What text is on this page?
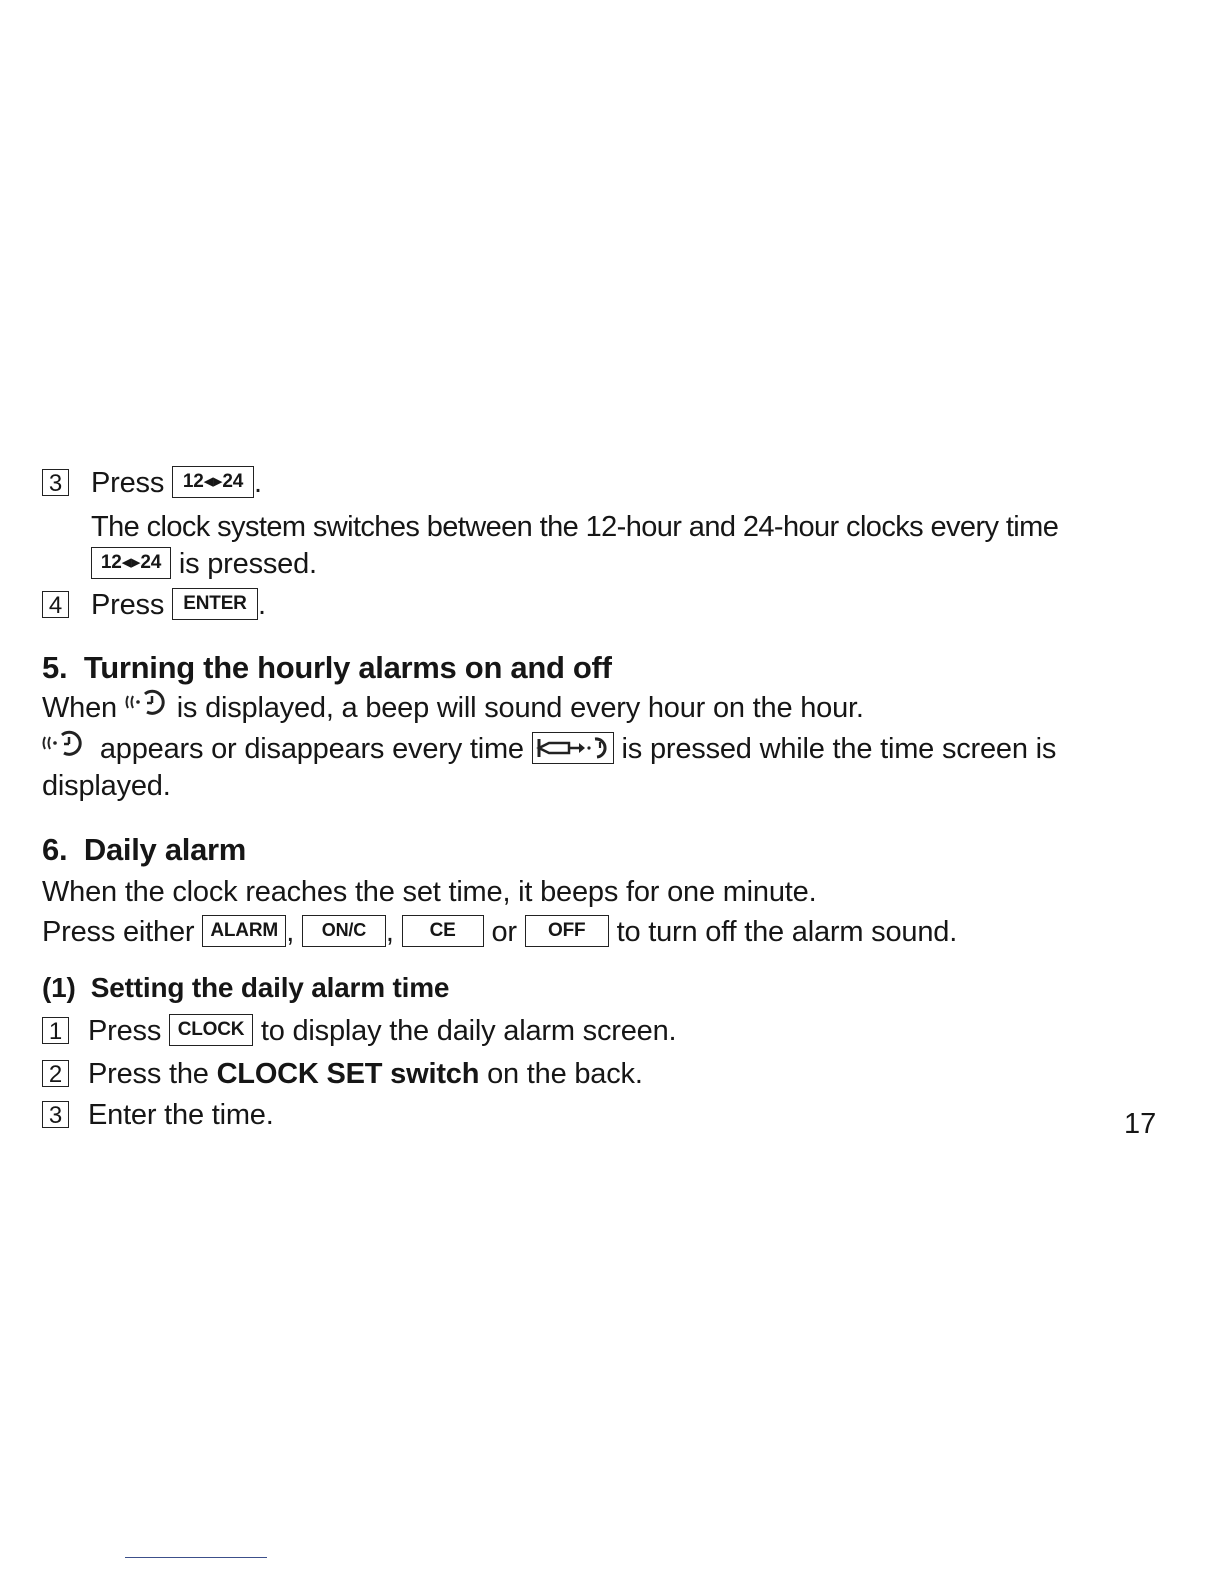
3 Press 12◂▸24 .
The clock system switches between the 12-hour and 24-hour clocks every time
12◂▸24 is pressed.
4 Press ENTER .
5. Turning the hourly alarms on and off
When  is displayed, a beep will sound every hour on the hour.
appears or disappears every time	is pressed while the time screen is
displayed.
6. Daily alarm
When the clock reaches the set time, it beeps for one minute.
Press either ALARM , ON/C , CE or OFF to turn off the alarm sound.
(1) Setting the daily alarm time
1 Press CLOCK to display the daily alarm screen.
2 Press the CLOCK SET switch on the back.
3 Enter the time.	17
